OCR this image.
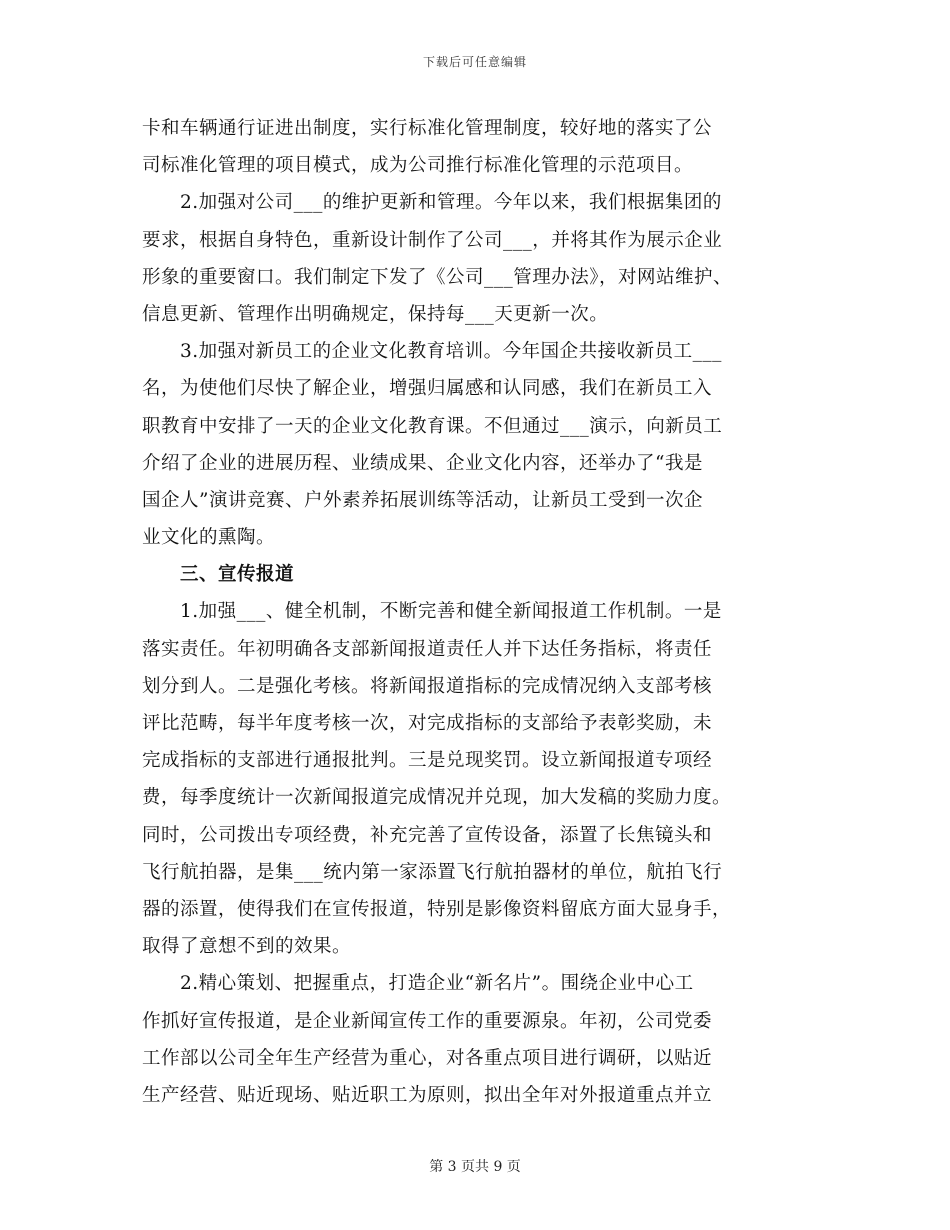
下载后可任意编辑
卡和车辆通行证进出制度，实行标准化管理制度，较好地的落实了公
司标准化管理的项目模式，成为公司推行标准化管理的示范项目。
　　2.加强对公司___的维护更新和管理。今年以来，我们根据集团的
要求，根据自身特色，重新设计制作了公司___，并将其作为展示企业
形象的重要窗口。我们制定下发了《公司___管理办法》，对网站维护、
信息更新、管理作出明确规定，保持每___天更新一次。
　　3.加强对新员工的企业文化教育培训。今年国企共接收新员工___
名，为使他们尽快了解企业，增强归属感和认同感，我们在新员工入
职教育中安排了一天的企业文化教育课。不但通过___演示，向新员工
介绍了企业的进展历程、业绩成果、企业文化内容，还举办了“我是
国企人”演讲竞赛、户外素养拓展训练等活动，让新员工受到一次企
业文化的熏陶。
　　三、宣传报道
　　1.加强___、健全机制，不断完善和健全新闻报道工作机制。一是
落实责任。年初明确各支部新闻报道责任人并下达任务指标，将责任
划分到人。二是强化考核。将新闻报道指标的完成情况纳入支部考核
评比范畴，每半年度考核一次，对完成指标的支部给予表彰奖励，未
完成指标的支部进行通报批判。三是兑现奖罚。设立新闻报道专项经
费，每季度统计一次新闻报道完成情况并兑现，加大发稿的奖励力度。
同时，公司拨出专项经费，补充完善了宣传设备，添置了长焦镜头和
飞行航拍器，是集___统内第一家添置飞行航拍器材的单位，航拍飞行
器的添置，使得我们在宣传报道，特别是影像资料留底方面大显身手，
取得了意想不到的效果。
　　2.精心策划、把握重点，打造企业“新名片”。围绕企业中心工
作抓好宣传报道，是企业新闻宣传工作的重要源泉。年初，公司党委
工作部以公司全年生产经营为重心，对各重点项目进行调研，以贴近
生产经营、贴近现场、贴近职工为原则，拟出全年对外报道重点并立
第 3 页共 9 页
